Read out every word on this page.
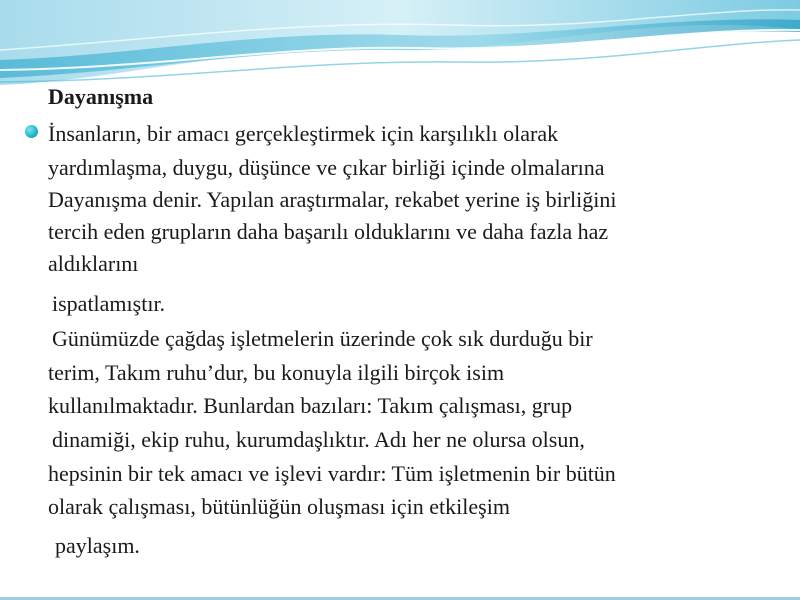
Dayanışma
İnsanların, bir amacı gerçekleştirmek için karşılıklı olarak
yardımlaşma, duygu, düşünce ve çıkar birliği içinde olmalarına
Dayanışma denir. Yapılan araştırmalar, rekabet yerine iş birliğini
tercih eden grupların daha başarılı olduklarını ve daha fazla haz
aldıklarını
ispatlamıştır.
Günümüzde çağdaş işletmelerin üzerinde çok sık durduğu bir
terim, Takım ruhu’dur, bu konuyla ilgili birçok isim
kullanılmaktadır. Bunlardan bazıları: Takım çalışması, grup
dinamiği, ekip ruhu, kurumdaşlıktır. Adı her ne olursa olsun,
hepsinin bir tek amacı ve işlevi vardır: Tüm işletmenin bir bütün
olarak çalışması, bütünlüğün oluşması için etkileşim
paylaşım.
